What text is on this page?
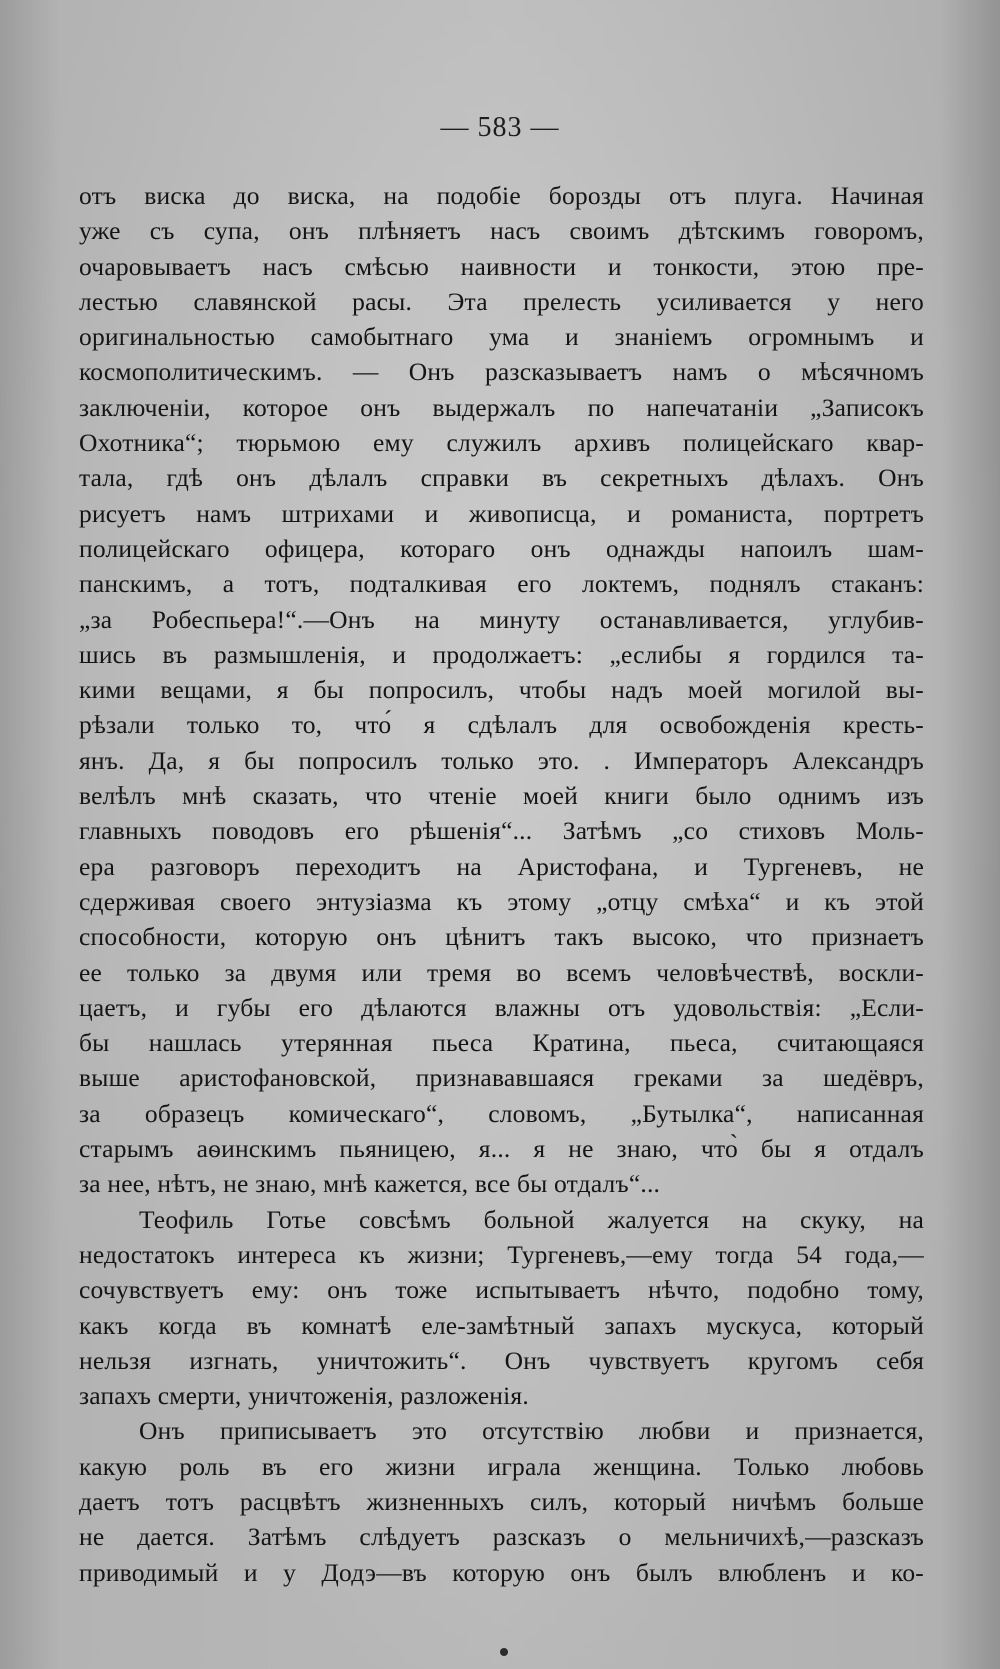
— 583 —
отъ виска до виска, на подобіе борозды отъ плуга. Начиная
уже съ супа, онъ плѣняетъ насъ своимъ дѣтскимъ говоромъ,
очаровываетъ насъ смѣсью наивности и тонкости, этою пре-
лестью славянской расы. Эта прелесть усиливается у него
оригинальностью самобытнаго ума и знаніемъ огромнымъ и
космополитическимъ. — Онъ разсказываетъ намъ о мѣсячномъ
заключеніи, которое онъ выдержалъ по напечатаніи „Записокъ
Охотника“; тюрьмою ему служилъ архивъ полицейскаго квар-
тала, гдѣ онъ дѣлалъ справки въ секретныхъ дѣлахъ. Онъ
рисуетъ намъ штрихами и живописца, и романиста, портретъ
полицейскаго офицера, котораго онъ однажды напоилъ шам-
панскимъ, а тотъ, подталкивая его локтемъ, поднялъ стаканъ:
„за Робеспьера!“.—Онъ на минуту останавливается, углубив-
шись въ размышленія, и продолжаетъ: „еслибы я гордился та-
кими вещами, я бы попросилъ, чтобы надъ моей могилой вы-
рѣзали только то, что́ я сдѣлалъ для освобожденія кресть-
янъ. Да, я бы попросилъ только это. . Императоръ Александръ
велѣлъ мнѣ сказать, что чтеніе моей книги было однимъ изъ
главныхъ поводовъ его рѣшенія“... Затѣмъ „со стиховъ Моль-
ера разговоръ переходитъ на Аристофана, и Тургеневъ, не
сдерживая своего энтузіазма къ этому „отцу смѣха“ и къ этой
способности, которую онъ цѣнитъ такъ высоко, что признаетъ
ее только за двумя или тремя во всемъ человѣчествѣ, воскли-
цаетъ, и губы его дѣлаются влажны отъ удовольствія: „Если-
бы нашлась утерянная пьеса Кратина, пьеса, считающаяся
выше аристофановской, признававшаяся греками за шедёвръ,
за образецъ комическаго“, словомъ, „Бутылка“, написанная
старымъ аѳинскимъ пьяницею, я... я не знаю, что̀ бы я отдалъ
за нее, нѣтъ, не знаю, мнѣ кажется, все бы отдалъ“...
Теофиль Готье совсѣмъ больной жалуется на скуку, на
недостатокъ интереса къ жизни; Тургеневъ,—ему тогда 54 года,—
сочувствуетъ ему: онъ тоже испытываетъ нѣчто, подобно тому,
какъ когда въ комнатѣ еле-замѣтный запахъ мускуса, который
нельзя изгнать, уничтожить“. Онъ чувствуетъ кругомъ себя
запахъ смерти, уничтоженія, разложенія.
Онъ приписываетъ это отсутствію любви и признается,
какую роль въ его жизни играла женщина. Только любовь
даетъ тотъ расцвѣтъ жизненныхъ силъ, который ничѣмъ больше
не дается. Затѣмъ слѣдуетъ разсказъ о мельничихѣ,—разсказъ
приводимый и у Додэ—въ которую онъ былъ влюбленъ и ко-
